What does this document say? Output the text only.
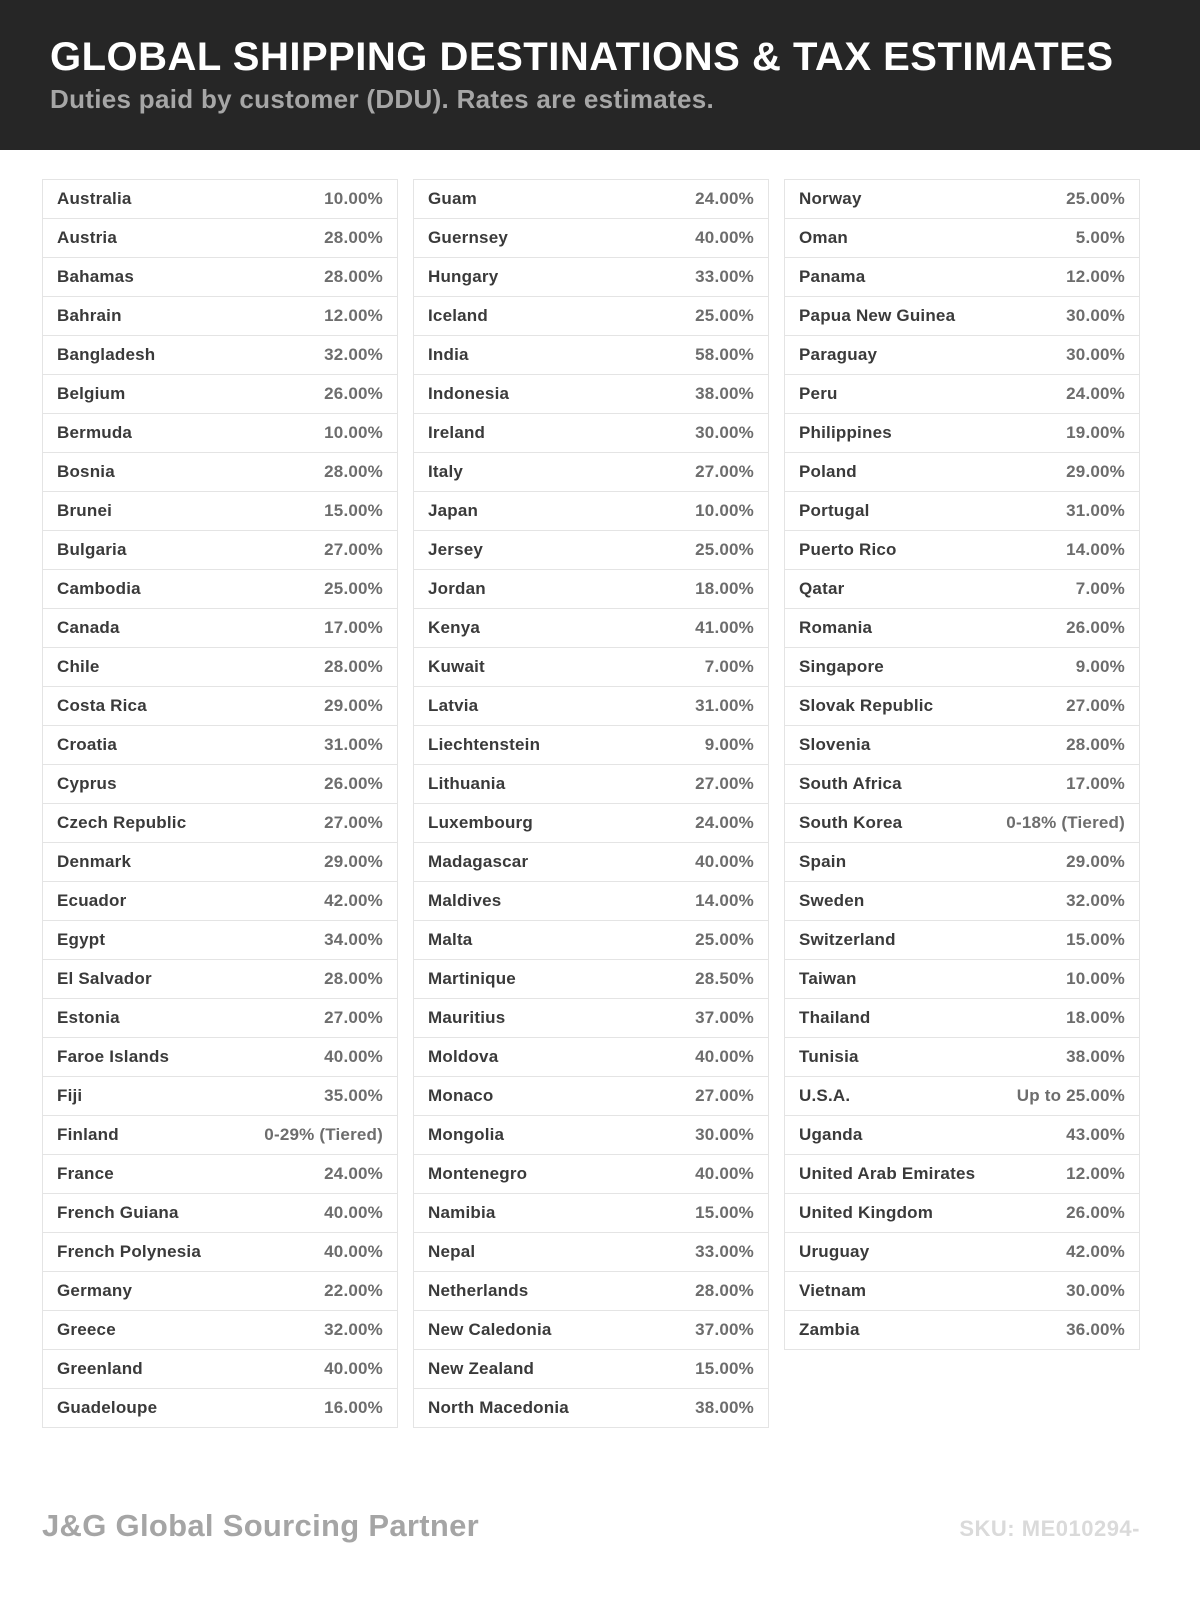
GLOBAL SHIPPING DESTINATIONS & TAX ESTIMATES

Duties paid by customer (DDU). Rates are estimates.

Australia	10.00%
Austria	28.00%
Bahamas	28.00%
Bahrain	12.00%
Bangladesh	32.00%
Belgium	26.00%
Bermuda	10.00%
Bosnia	28.00%
Brunei	15.00%
Bulgaria	27.00%
Cambodia	25.00%
Canada	17.00%
Chile	28.00%
Costa Rica	29.00%
Croatia	31.00%
Cyprus	26.00%
Czech Republic	27.00%
Denmark	29.00%
Ecuador	42.00%
Egypt	34.00%
El Salvador	28.00%
Estonia	27.00%
Faroe Islands	40.00%
Fiji	35.00%
Finland	0-29% (Tiered)
France	24.00%
French Guiana	40.00%
French Polynesia	40.00%
Germany	22.00%
Greece	32.00%
Greenland	40.00%
Guadeloupe	16.00%
Guam	24.00%
Guernsey	40.00%
Hungary	33.00%
Iceland	25.00%
India	58.00%
Indonesia	38.00%
Ireland	30.00%
Italy	27.00%
Japan	10.00%
Jersey	25.00%
Jordan	18.00%
Kenya	41.00%
Kuwait	7.00%
Latvia	31.00%
Liechtenstein	9.00%
Lithuania	27.00%
Luxembourg	24.00%
Madagascar	40.00%
Maldives	14.00%
Malta	25.00%
Martinique	28.50%
Mauritius	37.00%
Moldova	40.00%
Monaco	27.00%
Mongolia	30.00%
Montenegro	40.00%
Namibia	15.00%
Nepal	33.00%
Netherlands	28.00%
New Caledonia	37.00%
New Zealand	15.00%
North Macedonia	38.00%
Norway	25.00%
Oman	5.00%
Panama	12.00%
Papua New Guinea	30.00%
Paraguay	30.00%
Peru	24.00%
Philippines	19.00%
Poland	29.00%
Portugal	31.00%
Puerto Rico	14.00%
Qatar	7.00%
Romania	26.00%
Singapore	9.00%
Slovak Republic	27.00%
Slovenia	28.00%
South Africa	17.00%
South Korea	0-18% (Tiered)
Spain	29.00%
Sweden	32.00%
Switzerland	15.00%
Taiwan	10.00%
Thailand	18.00%
Tunisia	38.00%
U.S.A.	Up to 25.00%
Uganda	43.00%
United Arab Emirates	12.00%
United Kingdom	26.00%
Uruguay	42.00%
Vietnam	30.00%
Zambia	36.00%
J&G Global Sourcing Partner	SKU: ME010294-
